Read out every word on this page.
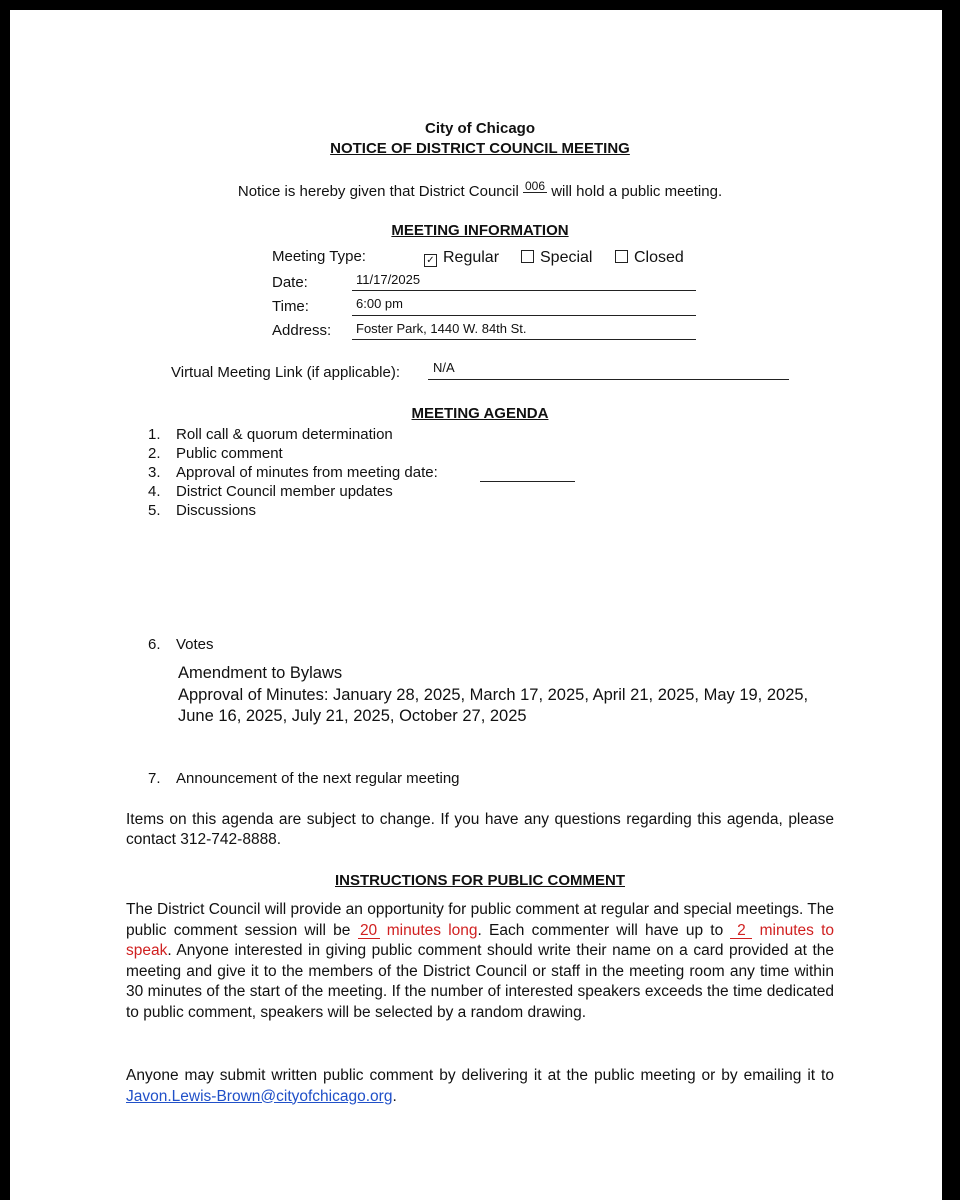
City of Chicago
NOTICE OF DISTRICT COUNCIL MEETING
Notice is hereby given that District Council 006 will hold a public meeting.
MEETING INFORMATION
Meeting Type:	✓ Regular	Special	Closed
Date:	11/17/2025
Time:	6:00 pm
Address: Foster Park, 1440 W. 84th St.
Virtual Meeting Link (if applicable):	N/A
MEETING AGENDA
1. Roll call & quorum determination
2. Public comment
3. Approval of minutes from meeting date:
4. District Council member updates
5. Discussions
6. Votes
Amendment to Bylaws
Approval of Minutes: January 28, 2025, March 17, 2025, April 21, 2025, May 19, 2025, June 16, 2025, July 21, 2025, October 27, 2025
7. Announcement of the next regular meeting
Items on this agenda are subject to change. If you have any questions regarding this agenda, please contact 312-742-8888.
INSTRUCTIONS FOR PUBLIC COMMENT
The District Council will provide an opportunity for public comment at regular and special meetings. The public comment session will be 20 minutes long. Each commenter will have up to 2 minutes to speak. Anyone interested in giving public comment should write their name on a card provided at the meeting and give it to the members of the District Council or staff in the meeting room any time within 30 minutes of the start of the meeting. If the number of interested speakers exceeds the time dedicated to public comment, speakers will be selected by a random drawing.
Anyone may submit written public comment by delivering it at the public meeting or by emailing it to Javon.Lewis-Brown@cityofchicago.org.
